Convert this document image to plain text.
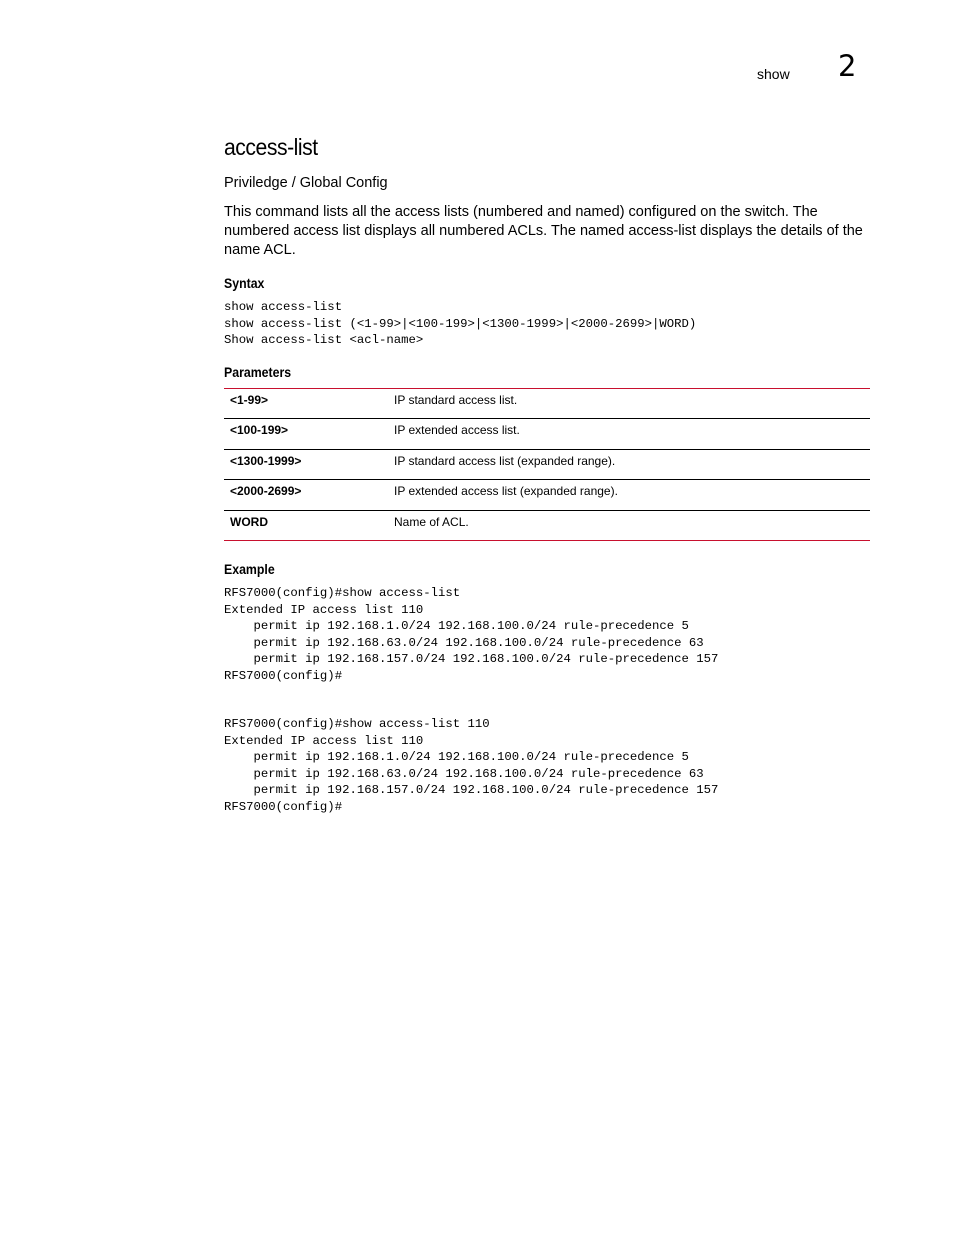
show 2
access-list

Priviledge / Global Config

This command lists all the access lists (numbered and named) configured on the switch. The numbered access list displays all numbered ACLs. The named access-list displays the details of the name ACL.

Syntax
show access-list
show access-list (<1-99>|<100-199>|<1300-1999>|<2000-2699>|WORD)
Show access-list <acl-name>
Parameters
<1-99>	IP standard access list.
<100-199>	IP extended access list.
<1300-1999>	IP standard access list (expanded range).
<2000-2699>	IP extended access list (expanded range).
WORD	Name of ACL.
Example
RFS7000(config)#show access-list
Extended IP access list 110
permit ip 192.168.1.0/24 192.168.100.0/24 rule-precedence 5
permit ip 192.168.63.0/24 192.168.100.0/24 rule-precedence 63
permit ip 192.168.157.0/24 192.168.100.0/24 rule-precedence 157
RFS7000(config)#
RFS7000(config)#show access-list 110
Extended IP access list 110
permit ip 192.168.1.0/24 192.168.100.0/24 rule-precedence 5
permit ip 192.168.63.0/24 192.168.100.0/24 rule-precedence 63
permit ip 192.168.157.0/24 192.168.100.0/24 rule-precedence 157
RFS7000(config)#
